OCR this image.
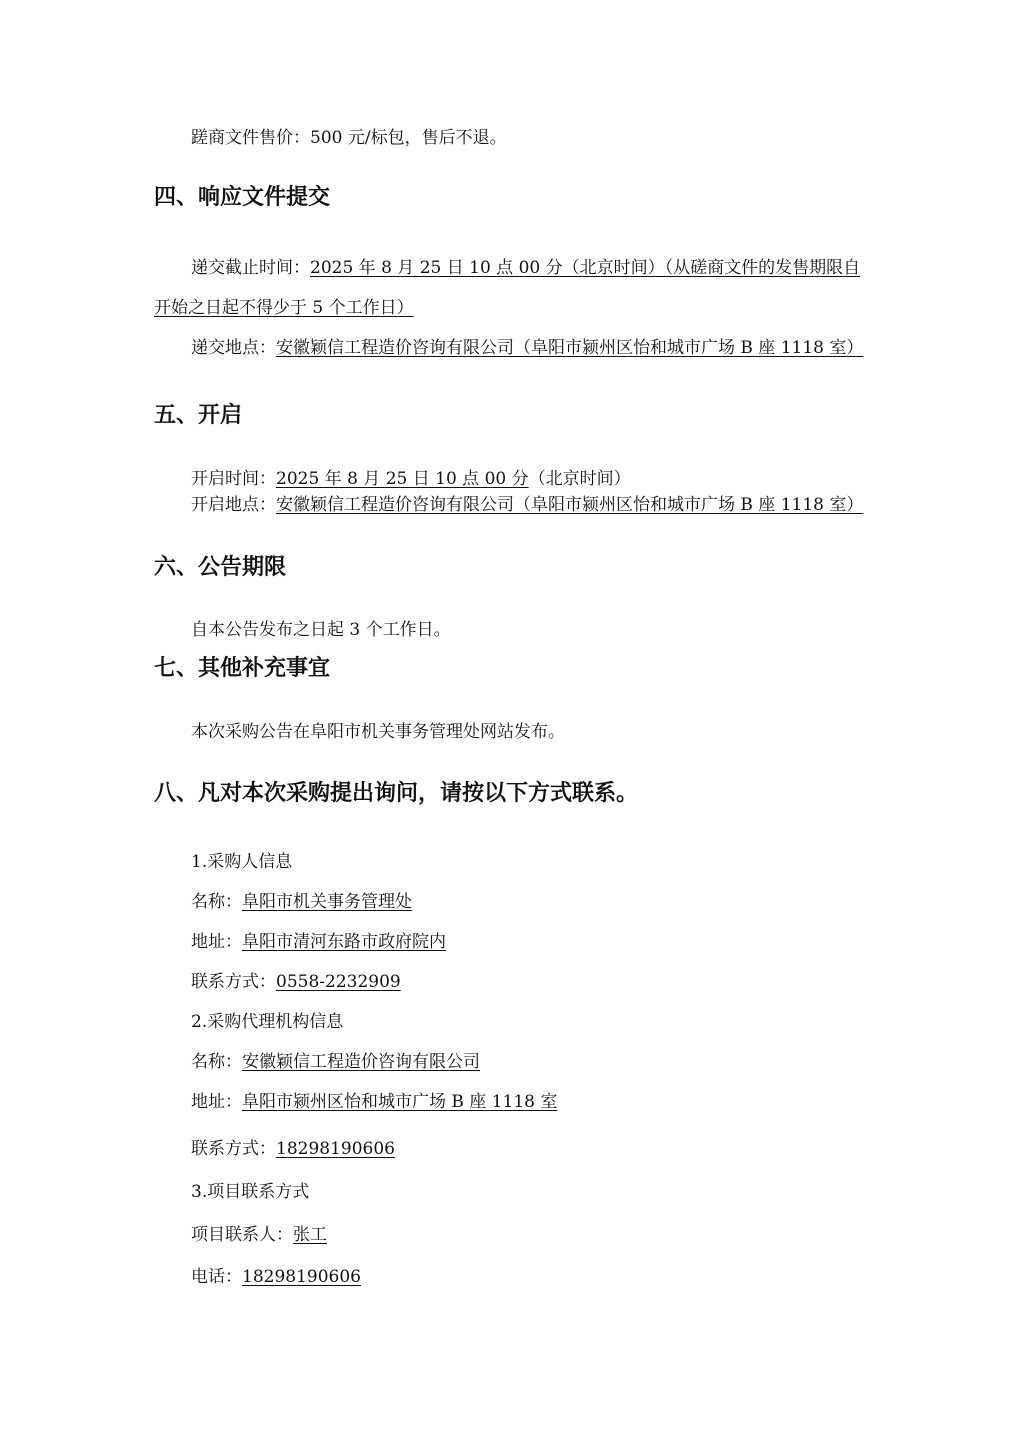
蹉商文件售价：500 元/标包，售后不退。
四、响应文件提交
递交截止时间：2025 年 8 月 25 日 10 点 00 分（北京时间）（从磋商文件的发售期限自
开始之日起不得少于 5 个工作日）
递交地点：安徽颖信工程造价咨询有限公司（阜阳市颍州区怡和城市广场 B 座 1118 室）
五、开启
开启时间：2025 年 8 月 25 日 10 点 00 分（北京时间）
开启地点：安徽颖信工程造价咨询有限公司（阜阳市颍州区怡和城市广场 B 座 1118 室）
六、公告期限
自本公告发布之日起 3 个工作日。
七、其他补充事宜
本次采购公告在阜阳市机关事务管理处网站发布。
八、凡对本次采购提出询问，请按以下方式联系。
1.采购人信息
名称：阜阳市机关事务管理处
地址：阜阳市清河东路市政府院内
联系方式：0558-2232909
2.采购代理机构信息
名称：安徽颖信工程造价咨询有限公司
地址：阜阳市颍州区怡和城市广场 B 座 1118 室
联系方式：18298190606
3.项目联系方式
项目联系人：张工
电话：18298190606
